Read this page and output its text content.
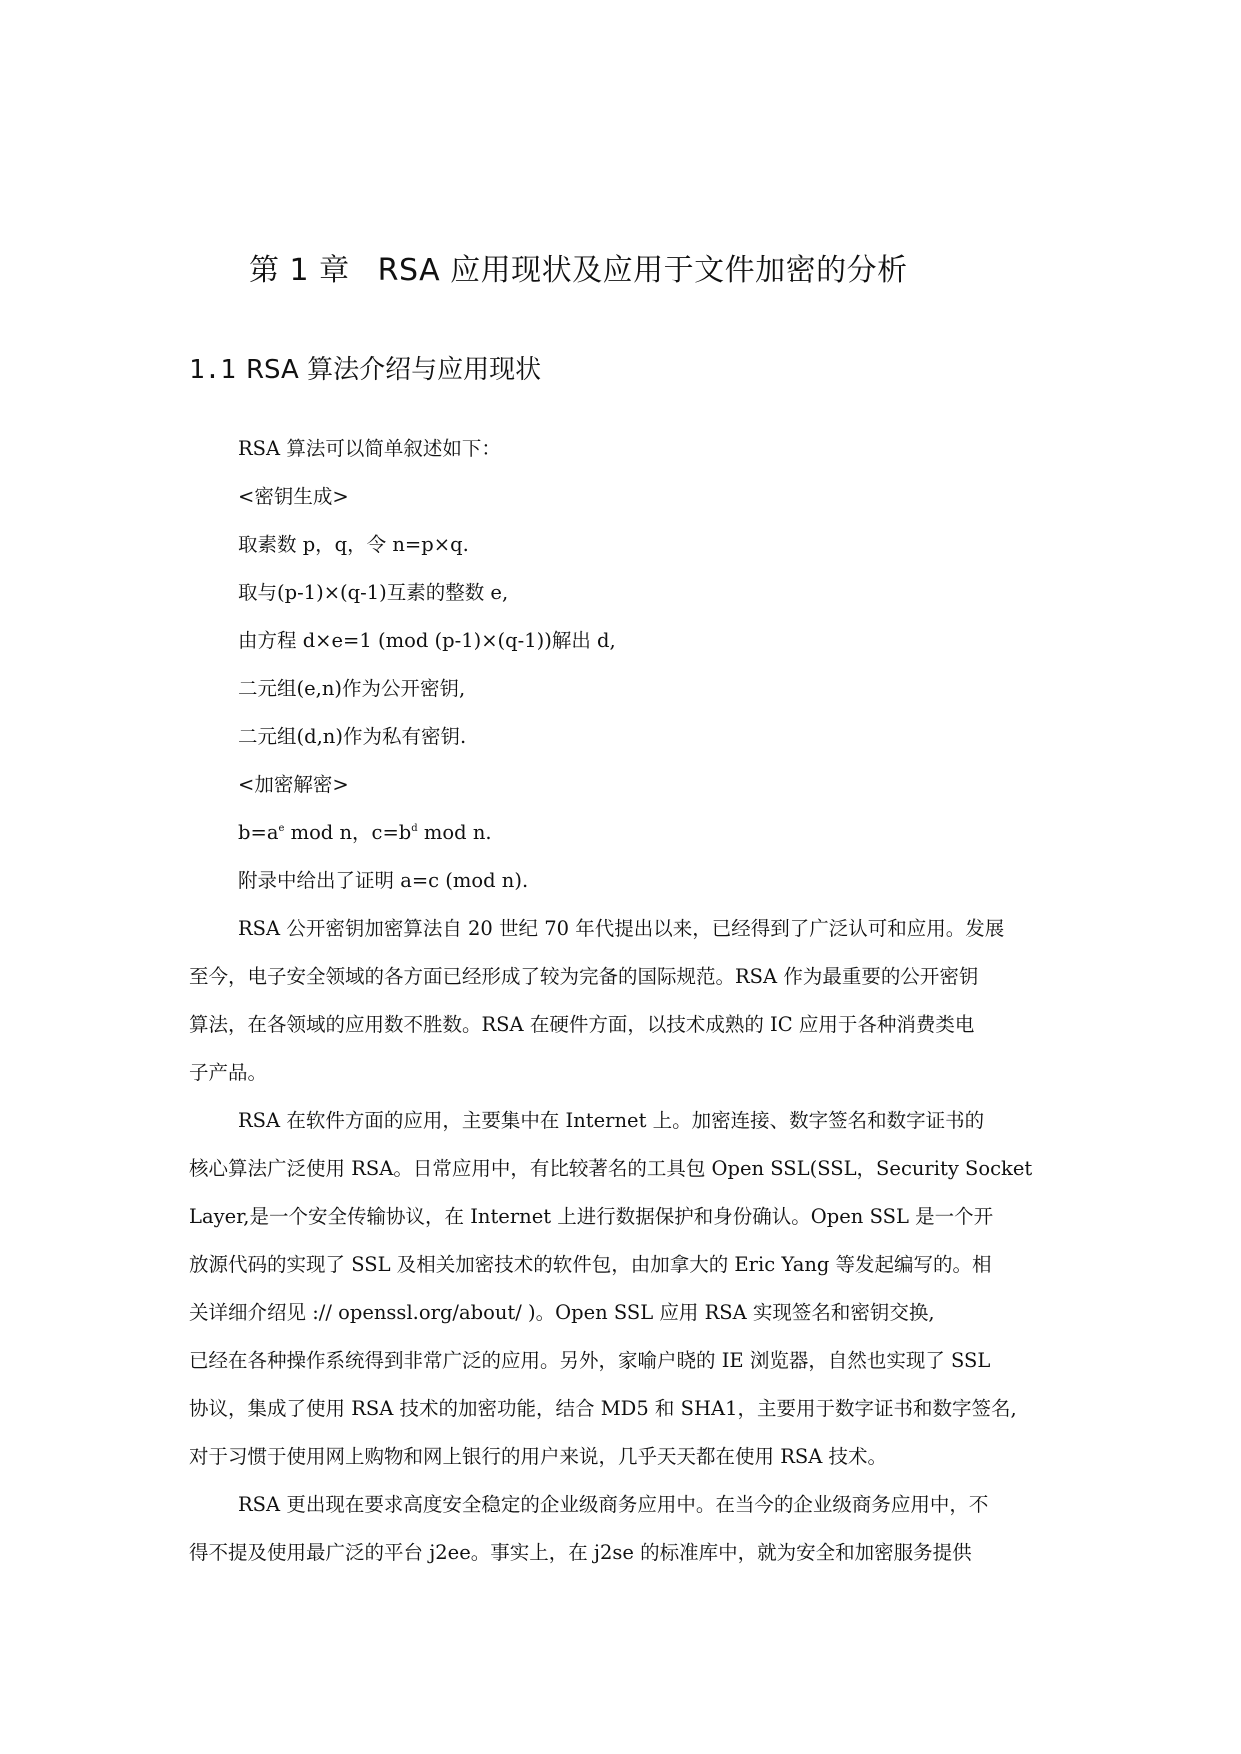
第 1 章 RSA 应用现状及应用于文件加密的分析
1.1 RSA 算法介绍与应用现状
RSA 算法可以简单叙述如下：
<密钥生成>
取素数 p，q，令 n=p×q.
取与(p-1)×(q-1)互素的整数 e,
由方程 d×e=1 (mod (p-1)×(q-1))解出 d,
二元组(e,n)作为公开密钥,
二元组(d,n)作为私有密钥.
<加密解密>
$b=a^e$ mod n，$c=b^d$ mod n.
附录中给出了证明 a=c (mod n).
RSA 公开密钥加密算法自 20 世纪 70 年代提出以来，已经得到了广泛认可和应用。发展
至今，电子安全领域的各方面已经形成了较为完备的国际规范。RSA 作为最重要的公开密钥
算法，在各领域的应用数不胜数。RSA 在硬件方面，以技术成熟的 IC 应用于各种消费类电
子产品。
RSA 在软件方面的应用，主要集中在 Internet 上。加密连接、数字签名和数字证书的
核心算法广泛使用 RSA。日常应用中，有比较著名的工具包 Open SSL(SSL，Security Socket
Layer,是一个安全传输协议，在 Internet 上进行数据保护和身份确认。Open SSL 是一个开
放源代码的实现了 SSL 及相关加密技术的软件包，由加拿大的 Eric Yang 等发起编写的。相
关详细介绍见 :// openssl.org/about/ )。Open SSL 应用 RSA 实现签名和密钥交换,
已经在各种操作系统得到非常广泛的应用。另外，家喻户晓的 IE 浏览器，自然也实现了 SSL
协议，集成了使用 RSA 技术的加密功能，结合 MD5 和 SHA1，主要用于数字证书和数字签名,
对于习惯于使用网上购物和网上银行的用户来说，几乎天天都在使用 RSA 技术。
RSA 更出现在要求高度安全稳定的企业级商务应用中。在当今的企业级商务应用中，不
得不提及使用最广泛的平台 j2ee。事实上，在 j2se 的标准库中，就为安全和加密服务提供
